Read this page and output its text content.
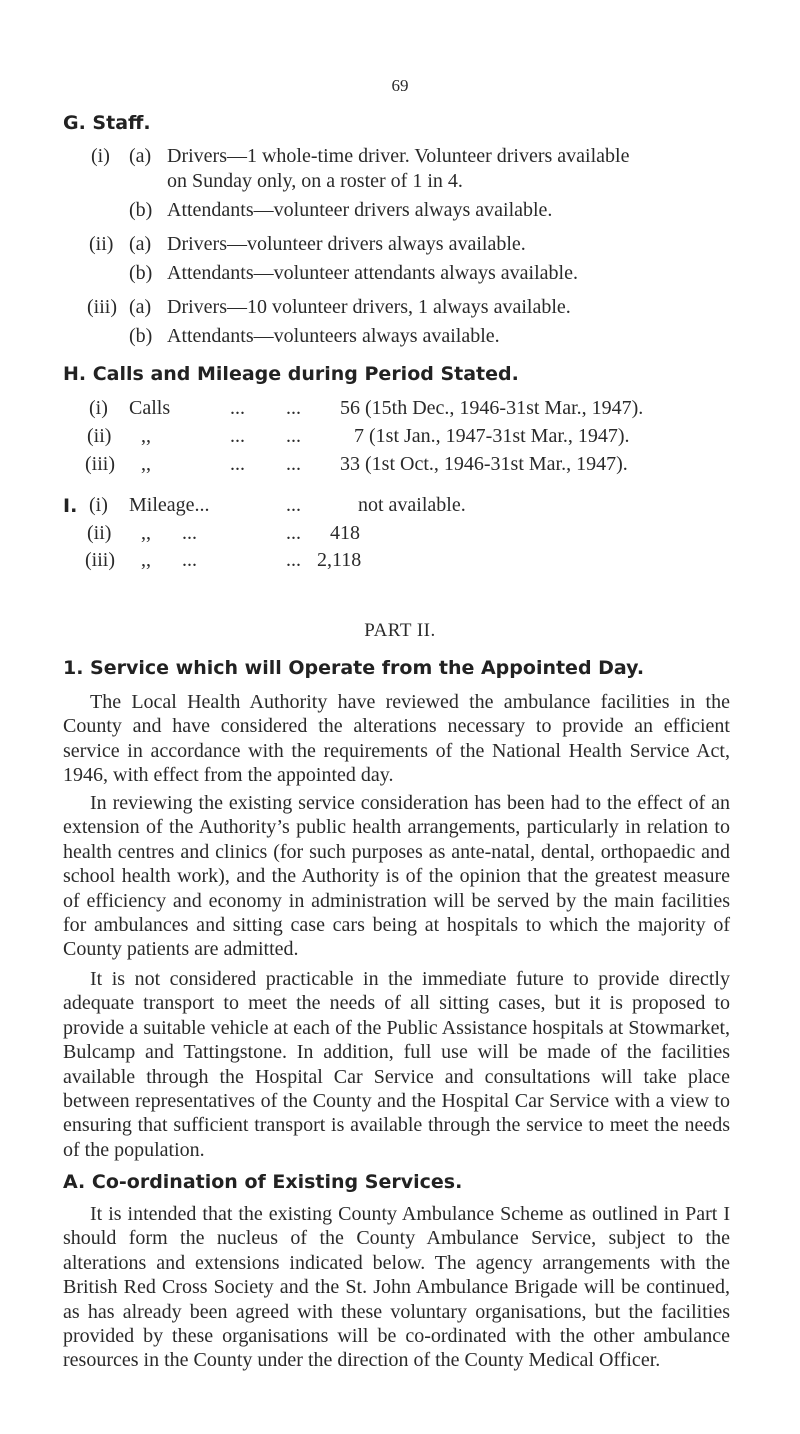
69
G. Staff.
(i) (a) Drivers—1 whole-time driver. Volunteer drivers available
on Sunday only, on a roster of 1 in 4.
(b) Attendants—volunteer drivers always available.
(ii) (a) Drivers—volunteer drivers always available.
(b) Attendants—volunteer attendants always available.
(iii) (a) Drivers—10 volunteer drivers, 1 always available.
(b) Attendants—volunteers always available.
H. Calls and Mileage during Period Stated.
(i) Calls	... ... 56 (15th Dec., 1946-31st Mar., 1947).
(ii) ,,	... ...	7 (1st Jan., 1947-31st Mar., 1947).
(iii) ,,	... ... 33 (1st Oct., 1946-31st Mar., 1947).
I. (i) Mileage...	...	not available.
(ii) ,, ...	... 418
(iii) ,, ...	... 2,118
PART II.
1. Service which will Operate from the Appointed Day.
The Local Health Authority have reviewed the ambulance facilities in the County and have considered the alterations necessary to provide an efficient service in accordance with the requirements of the National Health Service Act, 1946, with effect from the appointed day.
In reviewing the existing service consideration has been had to the effect of an extension of the Authority’s public health arrangements, particularly in relation to health centres and clinics (for such purposes as ante-natal, dental, orthopaedic and school health work), and the Authority is of the opinion that the greatest measure of efficiency and economy in administration will be served by the main facilities for ambulances and sitting case cars being at hospitals to which the majority of County patients are admitted.
It is not considered practicable in the immediate future to provide directly adequate transport to meet the needs of all sitting cases, but it is proposed to provide a suitable vehicle at each of the Public Assistance hospitals at Stowmarket, Bulcamp and Tattingstone. In addition, full use will be made of the facilities available through the Hospital Car Service and consultations will take place between representatives of the County and the Hospital Car Service with a view to ensuring that sufficient transport is available through the service to meet the needs of the population.
A. Co-ordination of Existing Services.
It is intended that the existing County Ambulance Scheme as outlined in Part I should form the nucleus of the County Ambulance Service, subject to the alterations and extensions indicated below. The agency arrangements with the British Red Cross Society and the St. John Ambulance Brigade will be continued, as has already been agreed with these voluntary organisations, but the facilities provided by these organisations will be co-ordinated with the other ambulance resources in the County under the direction of the County Medical Officer.
